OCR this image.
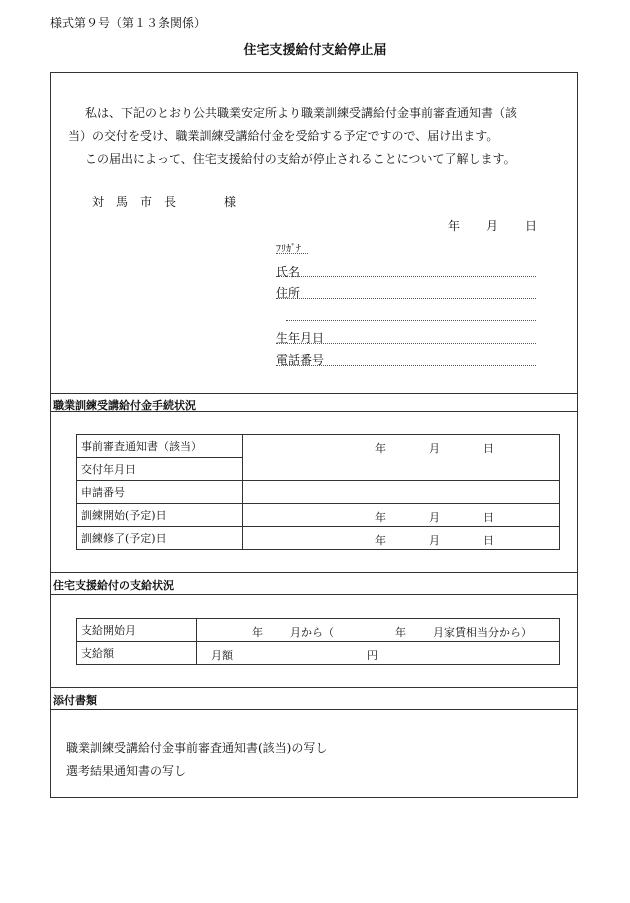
様式第９号（第１３条関係）
住宅支援給付支給停止届
私は、下記のとおり公共職業安定所より職業訓練受講給付金事前審査通知書（該
当）の交付を受け、職業訓練受講給付金を受給する予定ですので、届け出ます。
この届出によって、住宅支援給付の支給が停止されることについて了解します。
対　馬　市　長	様
年 月 日
ﾌﾘｶﾞﾅ
氏名
住所
生年月日
電話番号
職業訓練受講給付金手続状況
事前審査通知書（該当）	年 月 日

交付年月日	
申請番号	
訓練開始(予定)日	年 月 日

訓練修了(予定)日	年 月 日
住宅支援給付の支給状況
支給開始月	年 月から（ 年 月家賃相当分から）

支給額	月額 円
添付書類
職業訓練受講給付金事前審査通知書(該当)の写し
選考結果通知書の写し
